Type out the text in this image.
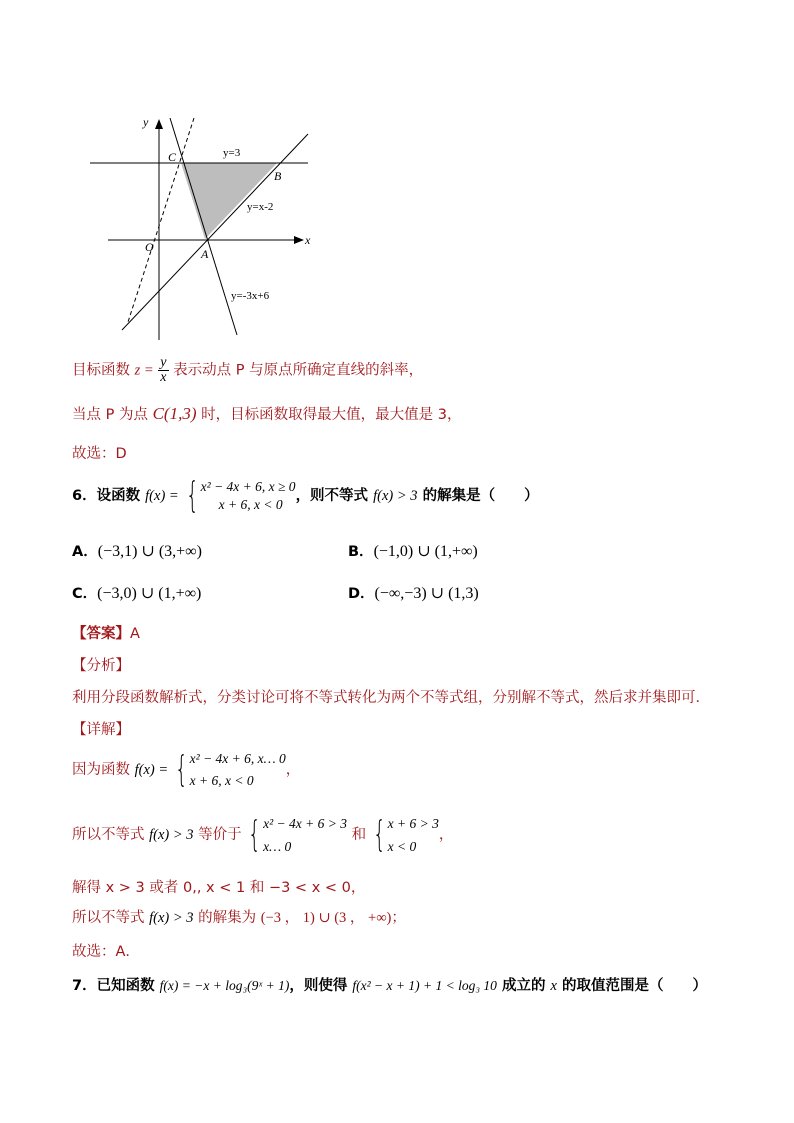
y
x
O
C
B
A
y=3
y=x-2
y=-3x+6
目标函数 $z = \frac{y}{x}$ 表示动点 P 与原点所确定直线的斜率，
当点 P 为点 C(1,3) 时，目标函数取得最大值，最大值是 3，
故选：D
6．设函数 f(x) = { x² − 4x + 6, x ≥ 0
x + 6, x < 0
，则不等式 f(x) > 3 的解集是（　　）
A．(−3,1) ∪ (3,+∞)	B．(−1,0) ∪ (1,+∞)
C．(−3,0) ∪ (1,+∞)	D．(−∞,−3) ∪ (1,3)
【答案】A
【分析】
利用分段函数解析式，分类讨论可将不等式转化为两个不等式组，分别解不等式，然后求并集即可．
【详解】
因为函数 f(x) = { x² − 4x + 6, x… 0
x + 6, x < 0
，
所以不等式 f(x) > 3 等价于 { x² − 4x + 6 > 3
x… 0
和 { x + 6 > 3
x < 0
，
解得 x > 3 或者 0,, x < 1 和 −3 < x < 0，
所以不等式 f(x) > 3 的解集为 (−3 ， 1) ∪ (3 ， +∞)；
故选：A．
7．已知函数 f(x) = −x + log₃(9ˣ + 1)，则使得 f(x² − x + 1) + 1 < log₃ 10 成立的 x 的取值范围是（　　）
